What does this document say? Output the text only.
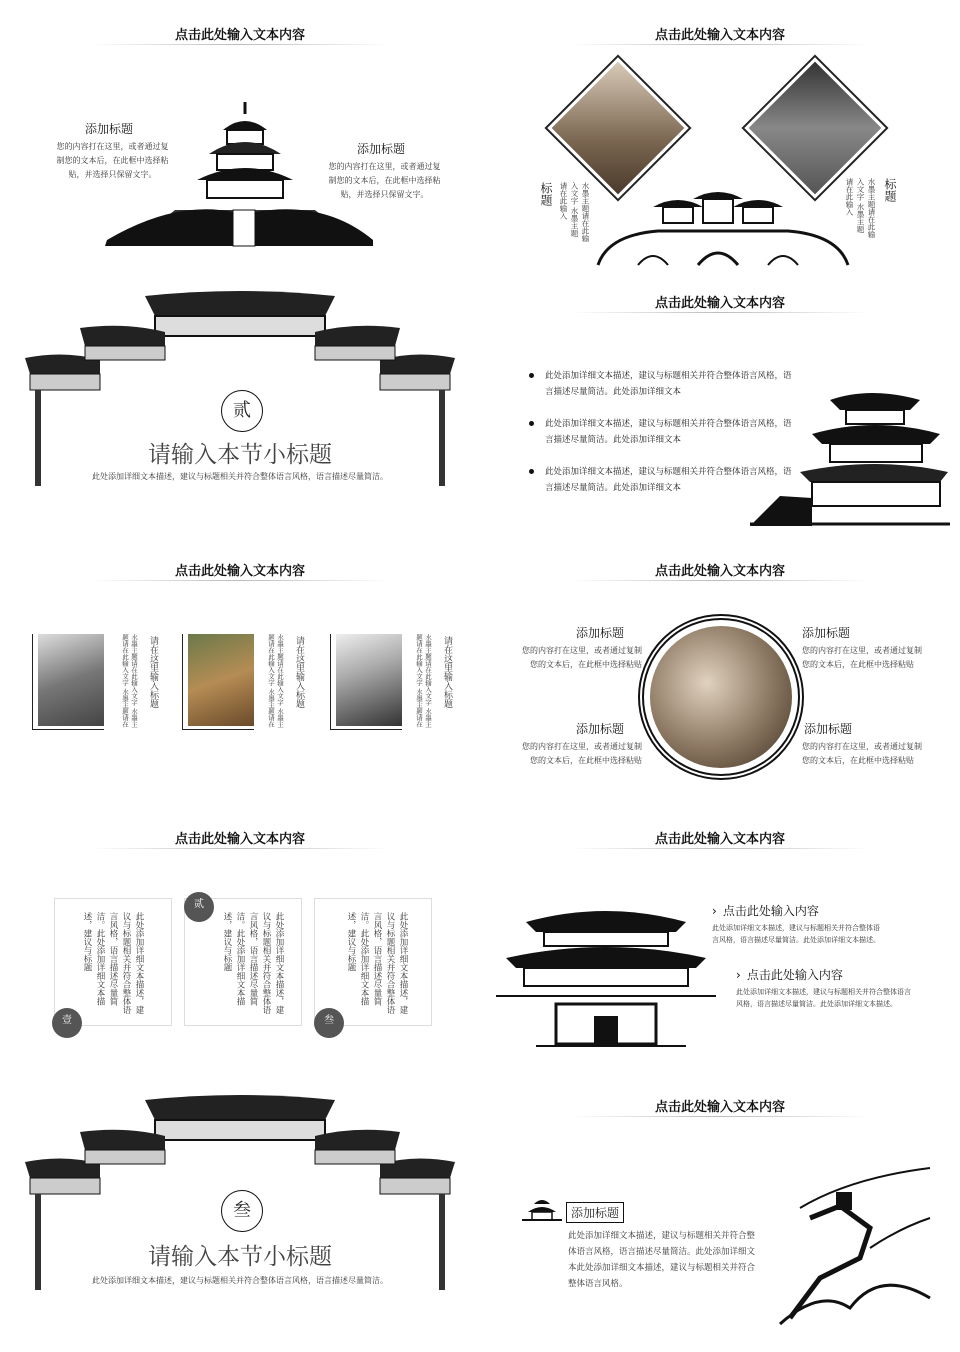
点击此处输入文本内容
添加标题
您的内容打在这里，或者通过复制您的文本后，在此框中选择粘贴，并选择只保留文字。
添加标题
您的内容打在这里，或者通过复制您的文本后，在此框中选择粘贴，并选择只保留文字。
点击此处输入文本内容
标题	水墨主题请在此输入文字 水墨主题请在此输入	标题
水墨主题请在此输入文字 水墨主题请在此输入
贰
请输入本节小标题
此处添加详细文本描述，建议与标题相关并符合整体语言风格，语言描述尽量简洁。
点击此处输入文本内容
此处添加详细文本描述，建议与标题相关并符合整体语言风格，语言描述尽量简洁。此处添加详细文本
此处添加详细文本描述，建议与标题相关并符合整体语言风格，语言描述尽量简洁。此处添加详细文本
此处添加详细文本描述，建议与标题相关并符合整体语言风格，语言描述尽量简洁。此处添加详细文本
点击此处输入文本内容
请在这里输入标题
水墨主题请在此输入文字 水墨主题请在此输入文字 水墨主题请在	请在这里输入标题
水墨主题请在此输入文字 水墨主题请在此输入文字 水墨主题请在	请在这里输入标题
水墨主题请在此输入文字 水墨主题请在此输入文字 水墨主题请在
点击此处输入文本内容
添加标题
您的内容打在这里，或者通过复制您的文本后，在此框中选择粘贴
添加标题
您的内容打在这里，或者通过复制您的文本后，在此框中选择粘贴
添加标题
您的内容打在这里，或者通过复制您的文本后，在此框中选择粘贴
添加标题
您的内容打在这里，或者通过复制您的文本后，在此框中选择粘贴
点击此处输入文本内容
此处添加详细文本描述，建议与标题相关并符合整体语言风格，语言描述尽量简洁。此处添加详细文本描述，建议与标题
壹
贰
此处添加详细文本描述，建议与标题相关并符合整体语言风格，语言描述尽量简洁。此处添加详细文本描述，建议与标题	此处添加详细文本描述，建议与标题相关并符合整体语言风格，语言描述尽量简洁。此处添加详细文本描述，建议与标题
叁
点击此处输入文本内容
› 点击此处输入内容
此处添加详细文本描述，建议与标题相关并符合整体语言风格，语言描述尽量简洁。此处添加详细文本描述。
› 点击此处输入内容
此处添加详细文本描述，建议与标题相关并符合整体语言风格，语言描述尽量简洁。此处添加详细文本描述。
叁
请输入本节小标题
此处添加详细文本描述，建议与标题相关并符合整体语言风格，语言描述尽量简洁。
点击此处输入文本内容
添加标题
此处添加详细文本描述，建议与标题相关并符合整体语言风格，语言描述尽量简洁。此处添加详细文本此处添加详细文本描述，建议与标题相关并符合整体语言风格。
